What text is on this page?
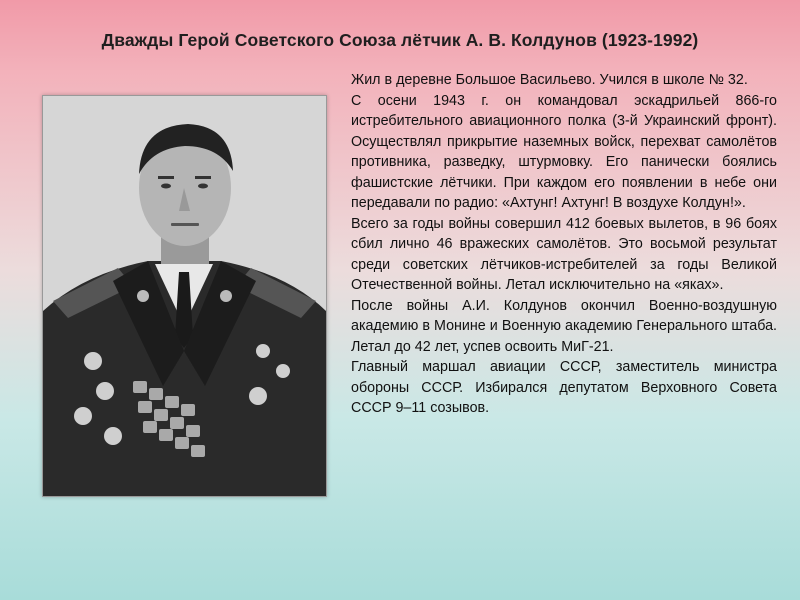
Дважды Герой Советского Союза лётчик А. В. Колдунов (1923-1992)

Жил в деревне Большое Васильево. Учился в школе № 32.

С осени 1943 г. он командовал эскадрильей 866-го истребительного авиационного полка (3-й Украинский фронт). Осуществлял прикрытие наземных войск, перехват самолётов противника, разведку, штурмовку. Его панически боялись фашистские лётчики. При каждом его появлении в небе они передавали по радио: «Ахтунг! Ахтунг! В воздухе Колдун!».

Всего за годы войны совершил 412 боевых вылетов, в 96 боях сбил лично 46 вражеских самолётов. Это восьмой результат среди советских лётчиков-истребителей за годы Великой Отечественной войны. Летал исключительно на «яках».

После войны А.И. Колдунов окончил Военно-воздушную академию в Монине и Военную академию Генерального штаба. Летал до 42 лет, успев освоить МиГ-21.

Главный маршал авиации СССР, заместитель министра обороны СССР. Избирался депутатом Верховного Совета СССР 9–11 созывов.
